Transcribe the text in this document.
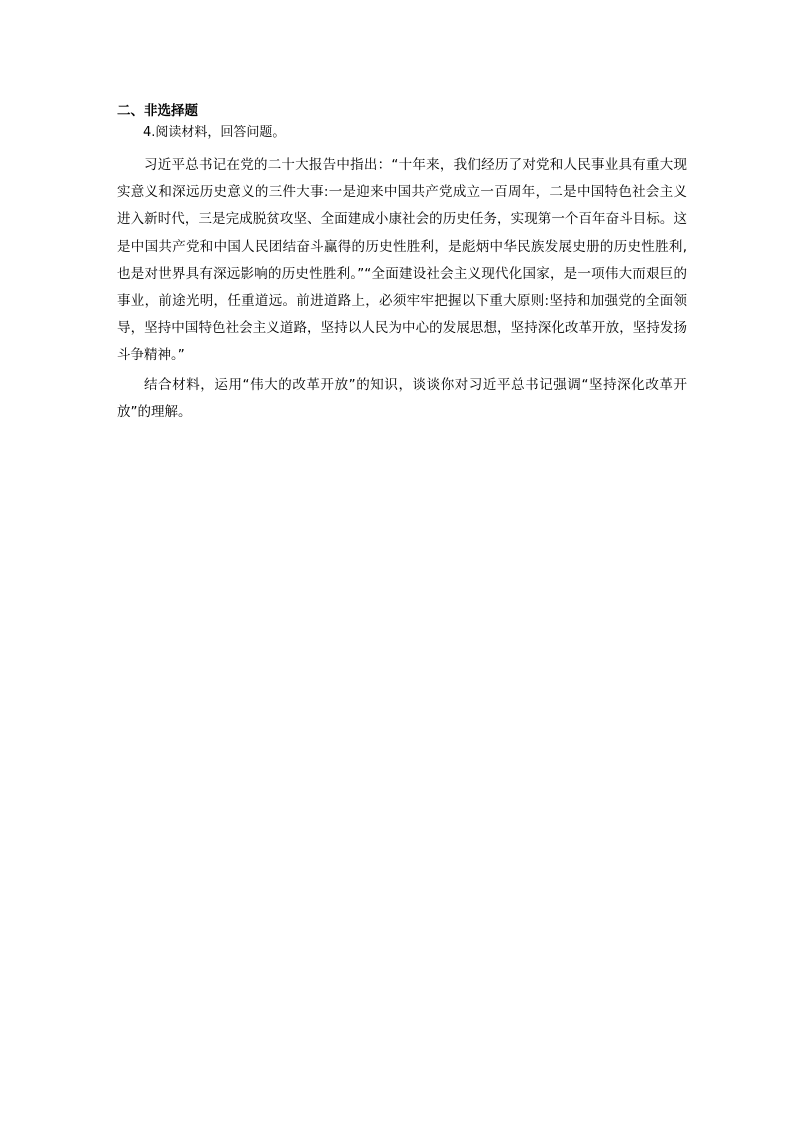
二、非选择题

4.阅读材料，回答问题。

习近平总书记在党的二十大报告中指出：“十年来，我们经历了对党和人民事业具有重大现实意义和深远历史意义的三件大事:一是迎来中国共产党成立一百周年，二是中国特色社会主义进入新时代，三是完成脱贫攻坚、全面建成小康社会的历史任务，实现第一个百年奋斗目标。这是中国共产党和中国人民团结奋斗赢得的历史性胜利，是彪炳中华民族发展史册的历史性胜利,也是对世界具有深远影响的历史性胜利。”“全面建设社会主义现代化国家，是一项伟大而艰巨的事业，前途光明，任重道远。前进道路上，必须牢牢把握以下重大原则:坚持和加强党的全面领导，坚持中国特色社会主义道路，坚持以人民为中心的发展思想，坚持深化改革开放，坚持发扬斗争精神。”

结合材料，运用“伟大的改革开放”的知识，谈谈你对习近平总书记强调“坚持深化改革开放”的理解。
